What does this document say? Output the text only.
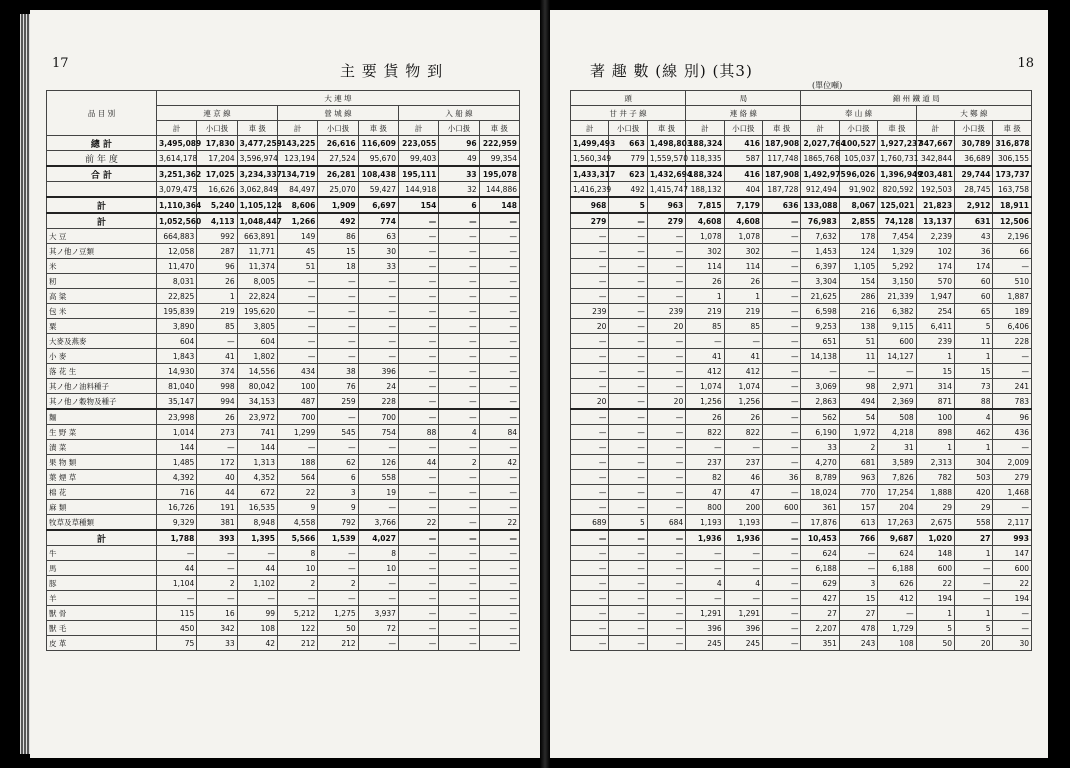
17	主 要 貨 物 到
品 目 別	大 連 埠								
	連 京 線			營 城 線			入 船 線		
	計	小口扱	車 扱	計	小口扱	車 扱	計	小口扱	車 扱
總 計	3,495,089	17,830	3,477,259	143,225	26,616	116,609	223,055	96	222,959
前 年 度	3,614,178	17,204	3,596,974	123,194	27,524	95,670	99,403	49	99,354
合 計	3,251,362	17,025	3,234,337	134,719	26,281	108,438	195,111	33	195,078
	3,079,475	16,626	3,062,849	84,497	25,070	59,427	144,918	32	144,886
計	1,110,364	5,240	1,105,124	8,606	1,909	6,697	154	6	148
計	1,052,560	4,113	1,048,447	1,266	492	774	—	—	—
大 豆	664,883	992	663,891	149	86	63	—	—	—
其ノ他ノ豆類	12,058	287	11,771	45	15	30	—	—	—
米	11,470	96	11,374	51	18	33	—	—	—
籾	8,031	26	8,005	—	—	—	—	—	—
高 粱	22,825	1	22,824	—	—	—	—	—	—
包 米	195,839	219	195,620	—	—	—	—	—	—
粟	3,890	85	3,805	—	—	—	—	—	—
大麥及燕麥	604	—	604	—	—	—	—	—	—
小 麥	1,843	41	1,802	—	—	—	—	—	—
落 花 生	14,930	374	14,556	434	38	396	—	—	—
其ノ他ノ油料種子	81,040	998	80,042	100	76	24	—	—	—
其ノ他ノ穀物及種子	35,147	994	34,153	487	259	228	—	—	—
麵	23,998	26	23,972	700	—	700	—	—	—
生 野 菜	1,014	273	741	1,299	545	754	88	4	84
漬 菜	144	—	144	—	—	—	—	—	—
果 物 類	1,485	172	1,313	188	62	126	44	2	42
葉 煙 草	4,392	40	4,352	564	6	558	—	—	—
棉 花	716	44	672	22	3	19	—	—	—
麻 類	16,726	191	16,535	9	9	—	—	—	—
牧草及草種類	9,329	381	8,948	4,558	792	3,766	22	—	22
計	1,788	393	1,395	5,566	1,539	4,027	—	—	—
牛	—	—	—	8	—	8	—	—	—
馬	44	—	44	10	—	10	—	—	—
豚	1,104	2	1,102	2	2	—	—	—	—
羊	—	—	—	—	—	—	—	—	—
獸 骨	115	16	99	5,212	1,275	3,937	—	—	—
獸 毛	450	342	108	122	50	72	—	—	—
皮 革	75	33	42	212	212	—	—	—	—
著 趣 數 (線 別) (其3)
(單位噸)
18
頭			局			錦 州 鐵 道 局					
甘 井 子 線			連 絡 線			奉 山 線			大 鄭 線		
計	小口扱	車 扱	計	小口扱	車 扱	計	小口扱	車 扱	計	小口扱	車 扱
1,499,493	663	1,498,803	188,324	416	187,908	2,027,764	100,527	1,927,237	347,667	30,789	316,878
1,560,349	779	1,559,570	118,335	587	117,748	1865,768	105,037	1,760,731	342,844	36,689	306,155
1,433,317	623	1,432,694	188,324	416	187,908	1,492,975	96,026	1,396,949	203,481	29,744	173,737
1,416,239	492	1,415,747	188,132	404	187,728	912,494	91,902	820,592	192,503	28,745	163,758
968	5	963	7,815	7,179	636	133,088	8,067	125,021	21,823	2,912	18,911
279	—	279	4,608	4,608	—	76,983	2,855	74,128	13,137	631	12,506
—	—	—	1,078	1,078	—	7,632	178	7,454	2,239	43	2,196
—	—	—	302	302	—	1,453	124	1,329	102	36	66
—	—	—	114	114	—	6,397	1,105	5,292	174	174	—
—	—	—	26	26	—	3,304	154	3,150	570	60	510
—	—	—	1	1	—	21,625	286	21,339	1,947	60	1,887
239	—	239	219	219	—	6,598	216	6,382	254	65	189
20	—	20	85	85	—	9,253	138	9,115	6,411	5	6,406
—	—	—	—	—	—	651	51	600	239	11	228
—	—	—	41	41	—	14,138	11	14,127	1	1	—
—	—	—	412	412	—	—	—	—	15	15	—
—	—	—	1,074	1,074	—	3,069	98	2,971	314	73	241
20	—	20	1,256	1,256	—	2,863	494	2,369	871	88	783
—	—	—	26	26	—	562	54	508	100	4	96
—	—	—	822	822	—	6,190	1,972	4,218	898	462	436
—	—	—	—	—	—	33	2	31	1	1	—
—	—	—	237	237	—	4,270	681	3,589	2,313	304	2,009
—	—	—	82	46	36	8,789	963	7,826	782	503	279
—	—	—	47	47	—	18,024	770	17,254	1,888	420	1,468
—	—	—	800	200	600	361	157	204	29	29	—
689	5	684	1,193	1,193	—	17,876	613	17,263	2,675	558	2,117
—	—	—	1,936	1,936	—	10,453	766	9,687	1,020	27	993
—	—	—	—	—	—	624	—	624	148	1	147
—	—	—	—	—	—	6,188	—	6,188	600	—	600
—	—	—	4	4	—	629	3	626	22	—	22
—	—	—	—	—	—	427	15	412	194	—	194
—	—	—	1,291	1,291	—	27	27	—	1	1	—
—	—	—	396	396	—	2,207	478	1,729	5	5	—
—	—	—	245	245	—	351	243	108	50	20	30
